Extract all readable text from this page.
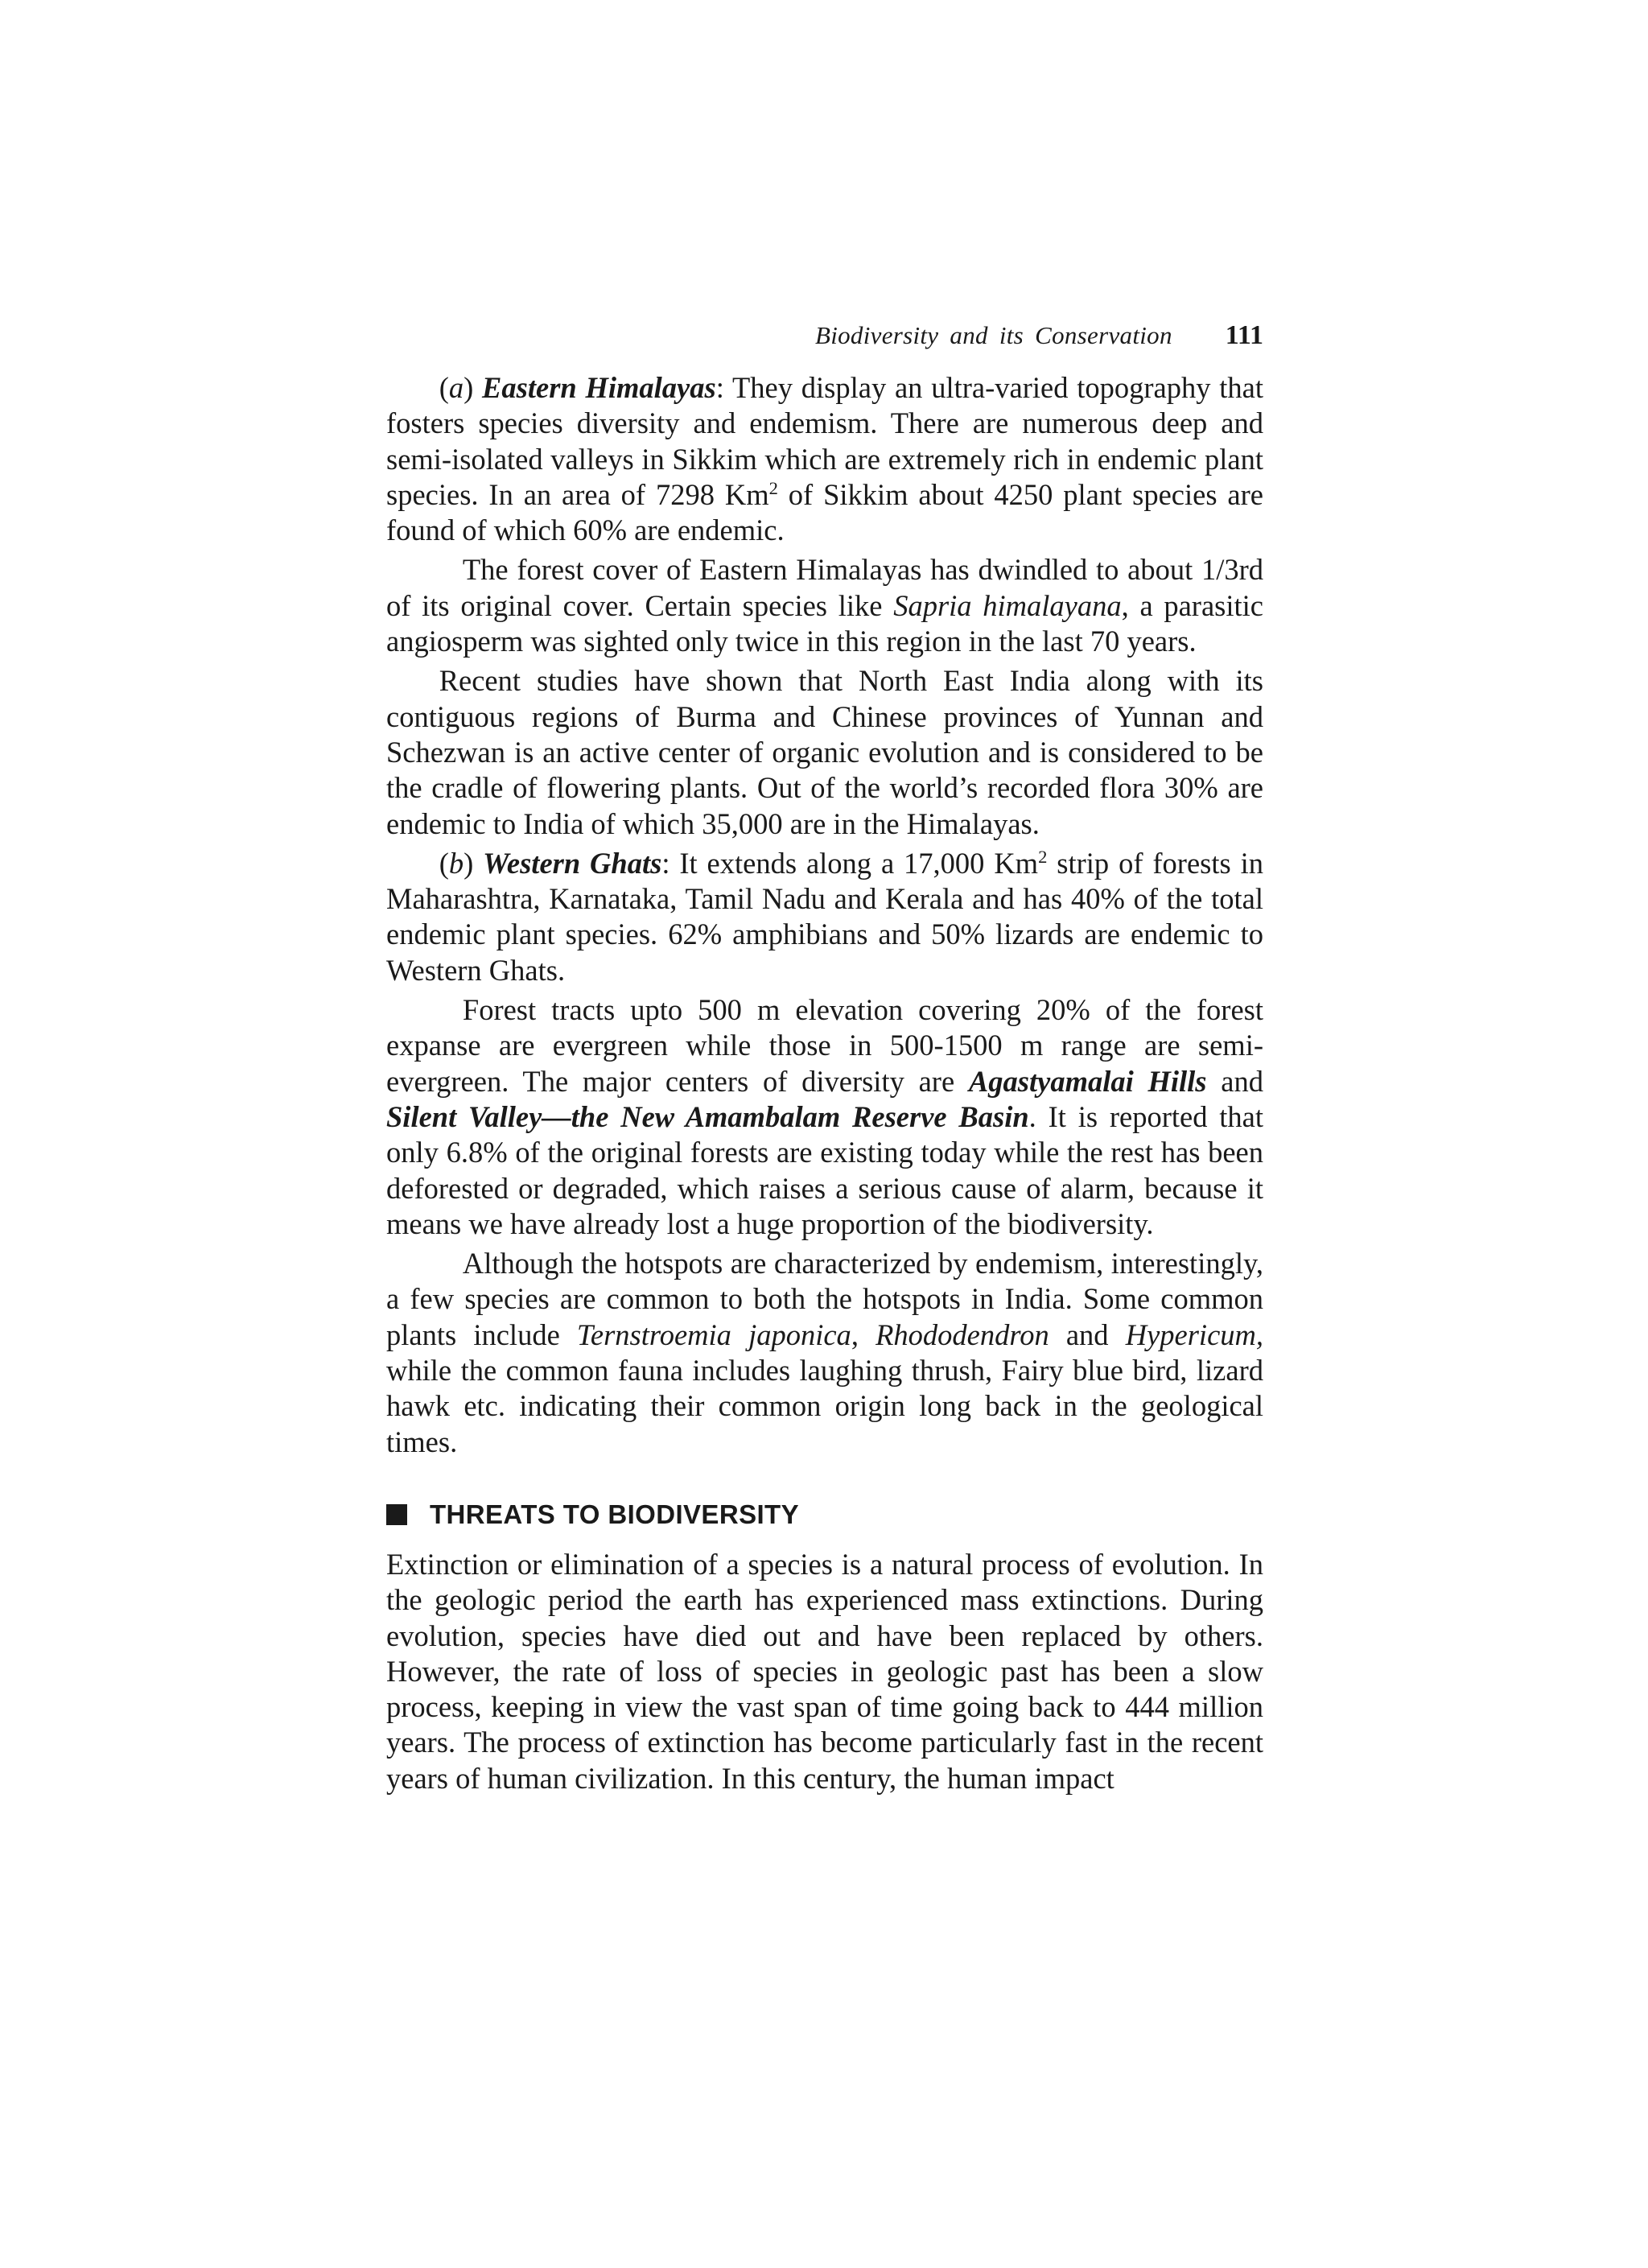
Biodiversity and its Conservation 111

(a) Eastern Himalayas: They display an ultra-varied topography that fosters species diversity and endemism. There are numerous deep and semi-isolated valleys in Sikkim which are extremely rich in endemic plant species. In an area of 7298 Km$^2$ of Sikkim about 4250 plant species are found of which 60% are endemic.

The forest cover of Eastern Himalayas has dwindled to about 1/3rd of its original cover. Certain species like Sapria himalayana, a parasitic angiosperm was sighted only twice in this region in the last 70 years.

Recent studies have shown that North East India along with its contiguous regions of Burma and Chinese provinces of Yunnan and Schezwan is an active center of organic evolution and is considered to be the cradle of flowering plants. Out of the world’s recorded flora 30% are endemic to India of which 35,000 are in the Himalayas.

(b) Western Ghats: It extends along a 17,000 Km$^2$ strip of forests in Maharashtra, Karnataka, Tamil Nadu and Kerala and has 40% of the total endemic plant species. 62% amphibians and 50% lizards are endemic to Western Ghats.

Forest tracts upto 500 m elevation covering 20% of the forest expanse are evergreen while those in 500-1500 m range are semi-evergreen. The major centers of diversity are Agastyamalai Hills and Silent Valley—the New Amambalam Reserve Basin. It is reported that only 6.8% of the original forests are existing today while the rest has been deforested or degraded, which raises a serious cause of alarm, because it means we have already lost a huge proportion of the biodiversity.

Although the hotspots are characterized by endemism, interestingly, a few species are common to both the hotspots in India. Some common plants include Ternstroemia japonica, Rhododendron and Hypericum, while the common fauna includes laughing thrush, Fairy blue bird, lizard hawk etc. indicating their common origin long back in the geological times.

THREATS TO BIODIVERSITY

Extinction or elimination of a species is a natural process of evolution. In the geologic period the earth has experienced mass extinctions. During evolution, species have died out and have been replaced by others. However, the rate of loss of species in geologic past has been a slow process, keeping in view the vast span of time going back to 444 million years. The process of extinction has become particularly fast in the recent years of human civilization. In this century, the human impact
